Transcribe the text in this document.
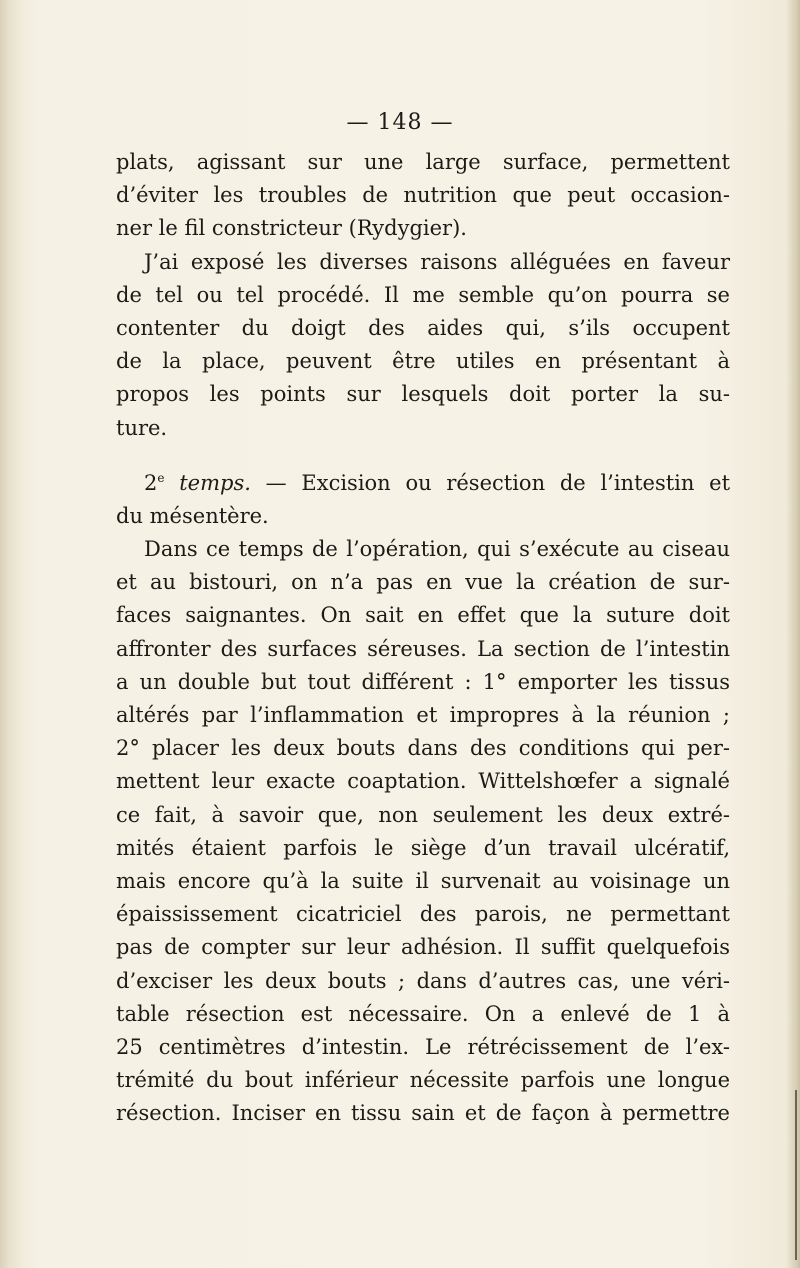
— 148 —
plats, agissant sur une large surface, permettent
d’éviter les troubles de nutrition que peut occasion-
ner le fil constricteur (Rydygier).
J’ai exposé les diverses raisons alléguées en faveur
de tel ou tel procédé. Il me semble qu’on pourra se
contenter du doigt des aides qui, s’ils occupent
de la place, peuvent être utiles en présentant à
propos les points sur lesquels doit porter la su-
ture.
2e temps. — Excision ou résection de l’intestin et
du mésentère.
Dans ce temps de l’opération, qui s’exécute au ciseau
et au bistouri, on n’a pas en vue la création de sur-
faces saignantes. On sait en effet que la suture doit
affronter des surfaces séreuses. La section de l’intestin
a un double but tout différent : 1° emporter les tissus
altérés par l’inflammation et impropres à la réunion ;
2° placer les deux bouts dans des conditions qui per-
mettent leur exacte coaptation. Wittelshœfer a signalé
ce fait, à savoir que, non seulement les deux extré-
mités étaient parfois le siège d’un travail ulcératif,
mais encore qu’à la suite il survenait au voisinage un
épaississement cicatriciel des parois, ne permettant
pas de compter sur leur adhésion. Il suffit quelquefois
d’exciser les deux bouts ; dans d’autres cas, une véri-
table résection est nécessaire. On a enlevé de 1 à
25 centimètres d’intestin. Le rétrécissement de l’ex-
trémité du bout inférieur nécessite parfois une longue
résection. Inciser en tissu sain et de façon à permettre
